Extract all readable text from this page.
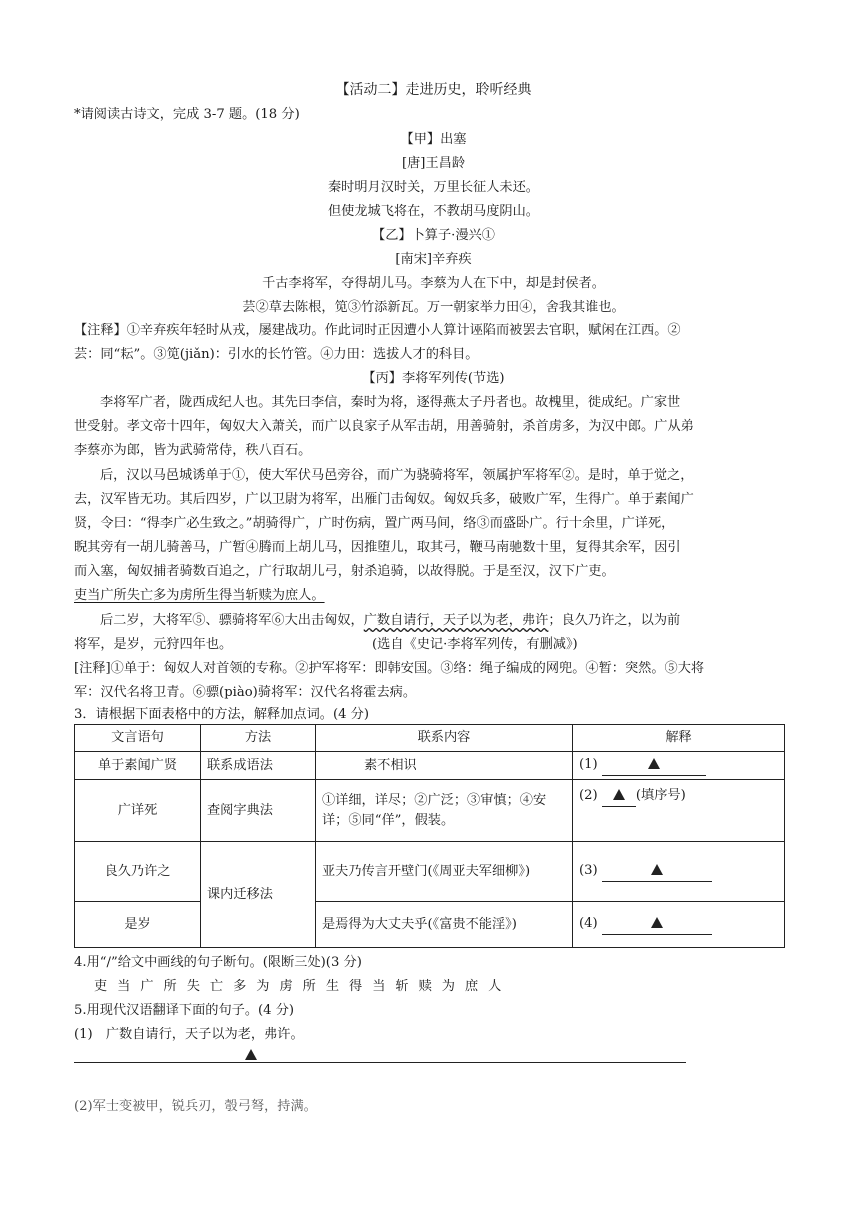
【活动二】走进历史，聆听经典
*请阅读古诗文，完成 3-7 题。(18 分)
【甲】出塞
[唐]王昌龄
秦时明月汉时关，万里长征人未还。
但使龙城飞将在，不教胡马度阴山。
【乙】卜算子·漫兴①
[南宋]辛弃疾
千古李将军，夺得胡儿马。李蔡为人在下中，却是封侯者。
芸②草去陈根，笕③竹添新瓦。万一朝家举力田④，舍我其谁也。
【注释】①辛弃疾年轻时从戎，屡建战功。作此词时正因遭小人算计诬陷而被罢去官职，赋闲在江西。②
芸：同“耘”。③笕(jiǎn)：引水的长竹管。④力田：选拔人才的科目。
【丙】李将军列传(节选)
李将军广者，陇西成纪人也。其先曰李信，秦时为将，逐得燕太子丹者也。故槐里，徙成纪。广家世
世受射。孝文帝十四年，匈奴大入萧关，而广以良家子从军击胡，用善骑射，杀首虏多，为汉中郎。广从弟
李蔡亦为郎，皆为武骑常侍，秩八百石。
后，汉以马邑城诱单于①，使大军伏马邑旁谷，而广为骁骑将军，领属护军将军②。是时，单于觉之，
去，汉军皆无功。其后四岁，广以卫尉为将军，出雁门击匈奴。匈奴兵多，破败广军，生得广。单于素闻广
贤，令曰：“得李广必生致之。”胡骑得广，广时伤病，置广两马间，络③而盛卧广。行十余里，广详死，
睨其旁有一胡儿骑善马，广暂④腾而上胡儿马，因推堕儿，取其弓，鞭马南驰数十里，复得其余军，因引
而入塞，匈奴捕者骑数百追之，广行取胡儿弓，射杀追骑，以故得脱。于是至汉，汉下广吏。
吏当广所失亡多为虏所生得当斩赎为庶人。
后二岁，大将军⑤、骠骑将军⑥大出击匈奴，广数自请行，天子以为老，弗许；良久乃许之，以为前
将军，是岁，元狩四年也。	(选自《史记·李将军列传，有删减》)
[注释]①单于：匈奴人对首领的专称。②护军将军：即韩安国。③络：绳子编成的网兜。④暂：突然。⑤大将
军：汉代名将卫青。⑥骠(piào)骑将军：汉代名将霍去病。
3．请根据下面表格中的方法，解释加点词。(4 分)
文言语句	方法	联系内容	解释
单于素闻广贤	联系成语法	素不相识	(1)
广详死	查阅字典法	①详细，详尽；②广泛；③审慎；④安详；⑤同“佯”，假装。	(2) (填序号)
良久乃许之	课内迁移法	亚夫乃传言开壁门(《周亚夫军细柳》)	(3)
是岁		是焉得为大丈夫乎(《富贵不能淫》)	(4)
4.用“/”给文中画线的句子断句。(限断三处)(3 分)
吏当广所失亡多为虏所生得当斩赎为庶人
5.用现代汉语翻译下面的句子。(4 分)
(1)　广数自请行，天子以为老，弗许。
(2)军士变被甲，锐兵刃，彀弓弩，持满。
